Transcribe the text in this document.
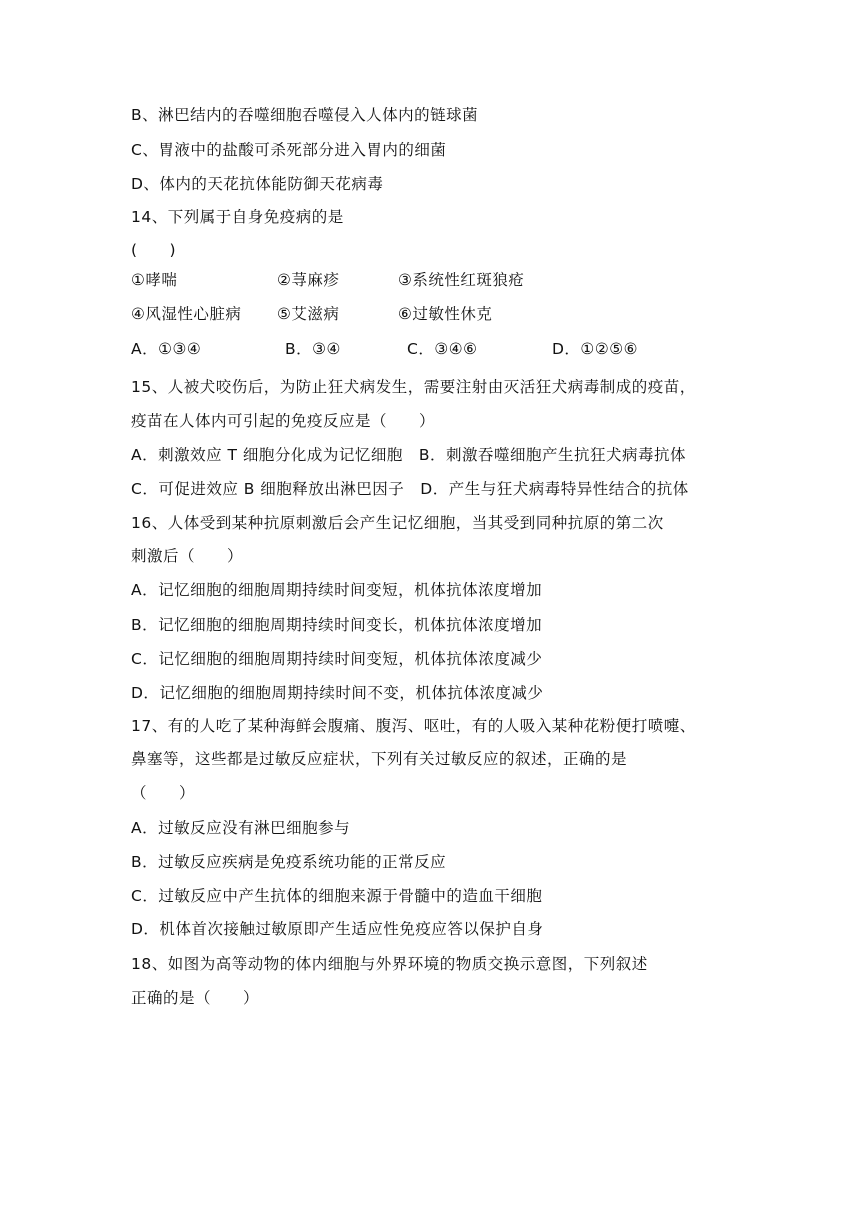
B、淋巴结内的吞噬细胞吞噬侵入人体内的链球菌
C、胃液中的盐酸可杀死部分进入胃内的细菌
D、体内的天花抗体能防御天花病毒
14、下列属于自身免疫病的是
(　　)
①哮喘	②荨麻疹	③系统性红斑狼疮
④风湿性心脏病 ⑤艾滋病	⑥过敏性休克
A．①③④	B．③④	C．③④⑥	D．①②⑤⑥
15、人被犬咬伤后，为防止狂犬病发生，需要注射由灭活狂犬病毒制成的疫苗，
疫苗在人体内可引起的免疫反应是（　　）
A．刺激效应 T 细胞分化成为记忆细胞　B．刺激吞噬细胞产生抗狂犬病毒抗体
C．可促进效应 B 细胞释放出淋巴因子　D．产生与狂犬病毒特异性结合的抗体
16、人体受到某种抗原刺激后会产生记忆细胞，当其受到同种抗原的第二次
刺激后（　　）
A．记忆细胞的细胞周期持续时间变短，机体抗体浓度增加
B．记忆细胞的细胞周期持续时间变长，机体抗体浓度增加
C．记忆细胞的细胞周期持续时间变短，机体抗体浓度减少
D．记忆细胞的细胞周期持续时间不变，机体抗体浓度减少
17、有的人吃了某种海鲜会腹痛、腹泻、呕吐，有的人吸入某种花粉便打喷嚏、
鼻塞等，这些都是过敏反应症状，下列有关过敏反应的叙述，正确的是
（　　）
A．过敏反应没有淋巴细胞参与
B．过敏反应疾病是免疫系统功能的正常反应
C．过敏反应中产生抗体的细胞来源于骨髓中的造血干细胞
D．机体首次接触过敏原即产生适应性免疫应答以保护自身
18、如图为高等动物的体内细胞与外界环境的物质交换示意图，下列叙述
正确的是（　　）
